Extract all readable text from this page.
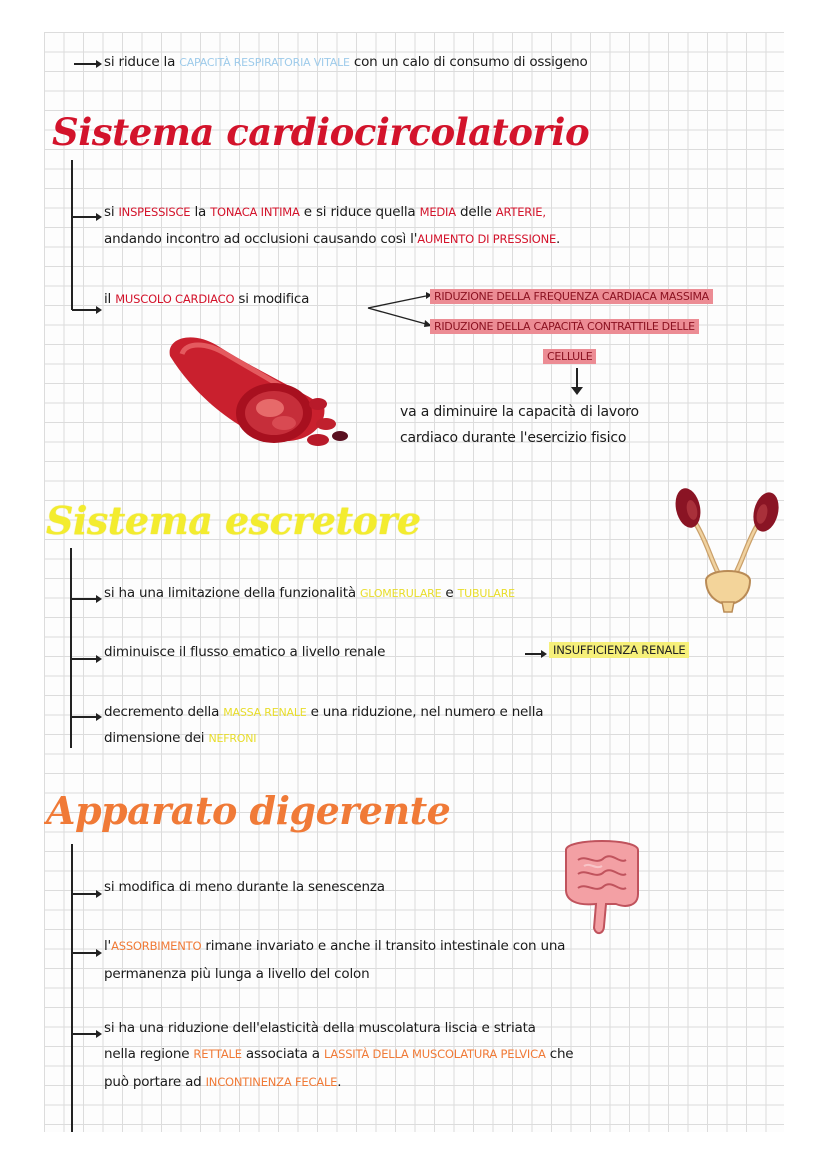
si riduce la CAPACITÀ RESPIRATORIA VITALE con un calo di consumo di ossigeno
Sistema cardiocircolatorio
si INSPESSISCE la TONACA INTIMA e si riduce quella MEDIA delle ARTERIE,
andando incontro ad occlusioni causando così l'AUMENTO DI PRESSIONE.
il MUSCOLO CARDIACO si modifica	RIDUZIONE DELLA FREQUENZA CARDIACA MASSIMA
RIDUZIONE DELLA CAPACITÀ CONTRATTILE DELLE
CELLULE
va a diminuire la capacità di lavoro
cardiaco durante l'esercizio fisico
Sistema escretore
si ha una limitazione della funzionalità GLOMERULARE e TUBULARE
diminuisce il flusso ematico a livello renale	INSUFFICIENZA RENALE
decremento della MASSA RENALE e una riduzione, nel numero e nella
dimensione dei NEFRONI
Apparato digerente
si modifica di meno durante la senescenza
l'ASSORBIMENTO rimane invariato e anche il transito intestinale con una
permanenza più lunga a livello del colon
si ha una riduzione dell'elasticità della muscolatura liscia e striata
nella regione RETTALE associata a LASSITÀ DELLA MUSCOLATURA PELVICA che
può portare ad INCONTINENZA FECALE.
